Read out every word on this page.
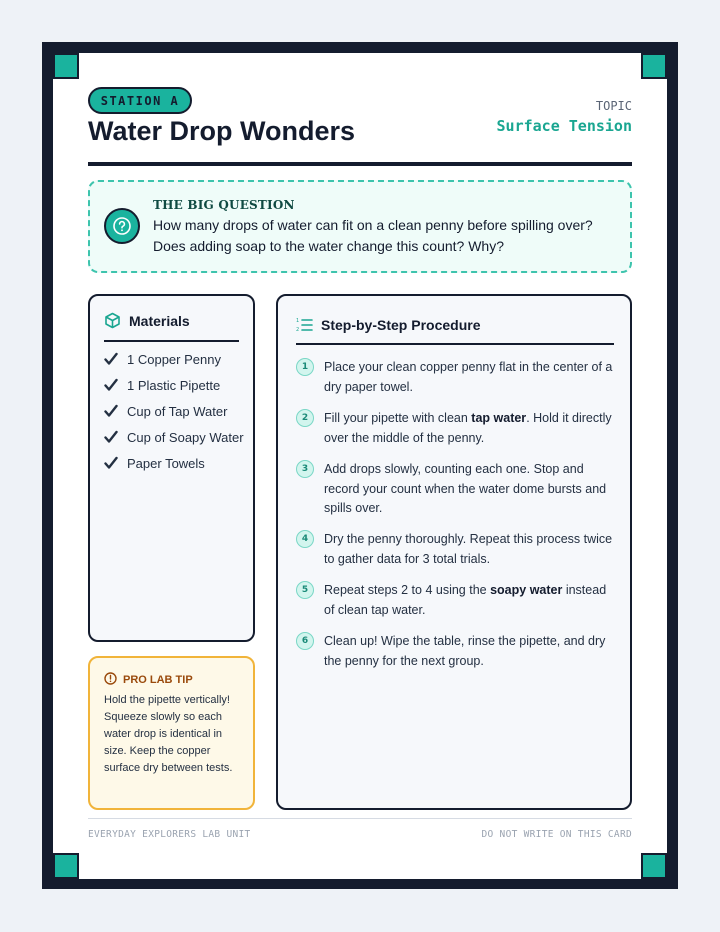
STATION A
Water Drop Wonders
TOPIC
Surface Tension
THE BIG QUESTION
How many drops of water can fit on a clean penny before spilling over? Does adding soap to the water change this count? Why?
Materials
1 Copper Penny
1 Plastic Pipette
Cup of Tap Water
Cup of Soapy Water
Paper Towels
PRO LAB TIP
Hold the pipette vertically! Squeeze slowly so each water drop is identical in size. Keep the copper surface dry between tests.
1
2 Step-by-Step Procedure
1	Place your clean copper penny flat in the center of a dry paper towel.
2	Fill your pipette with clean tap water. Hold it directly over the middle of the penny.
3	Add drops slowly, counting each one. Stop and record your count when the water dome bursts and spills over.
4	Dry the penny thoroughly. Repeat this process twice to gather data for 3 total trials.
5	Repeat steps 2 to 4 using the soapy water instead of clean tap water.
6	Clean up! Wipe the table, rinse the pipette, and dry the penny for the next group.
EVERYDAY EXPLORERS LAB UNIT	DO NOT WRITE ON THIS CARD
